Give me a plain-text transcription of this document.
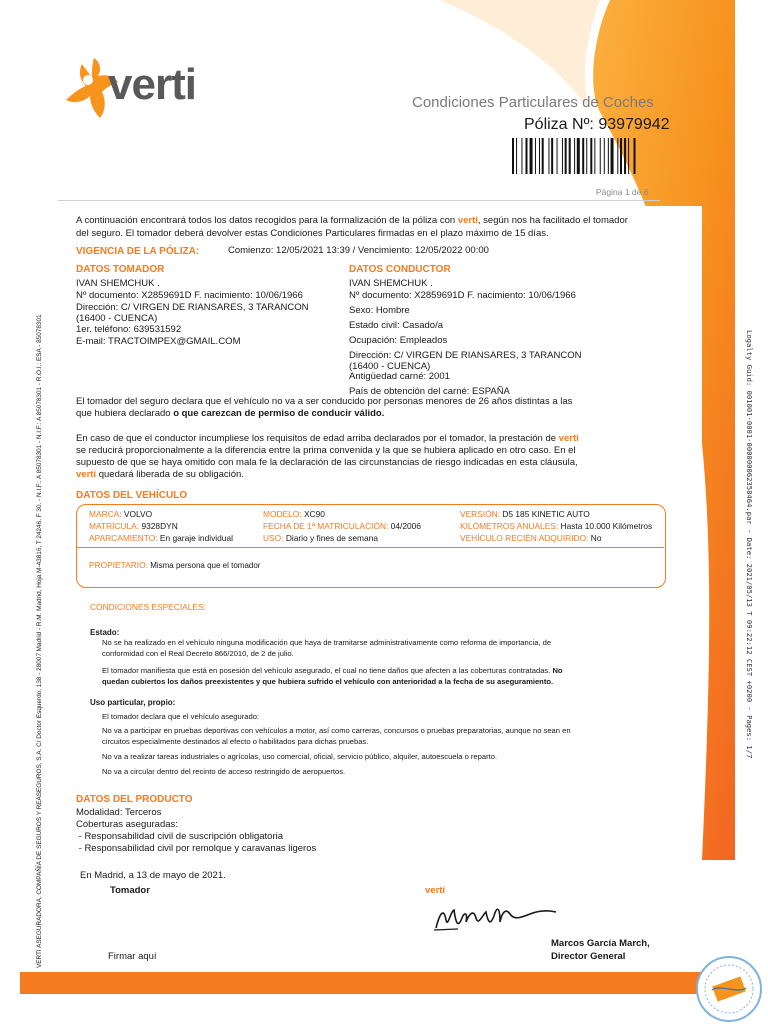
verti	Condiciones Particulares de Coches
Póliza Nº: 93979942
Página 1 de 6
A continuación encontrará todos los datos recogidos para la formalización de la póliza con verti, según nos ha facilitado el tomador
del seguro. El tomador deberá devolver estas Condiciones Particulares firmadas en el plazo máximo de 15 días.
VIGENCIA DE LA PÓLIZA:	Comienzo: 12/05/2021 13:39 / Vencimiento: 12/05/2022 00:00
DATOS TOMADOR
IVAN SHEMCHUK .
Nº documento: X2859691D F. nacimiento: 10/06/1966
Dirección: C/ VIRGEN DE RIANSARES, 3 TARANCON
(16400 - CUENCA)
1er. teléfono: 639531592
E-mail: TRACTOIMPEX@GMAIL.COM
DATOS CONDUCTOR
IVAN SHEMCHUK .
Nº documento: X2859691D F. nacimiento: 10/06/1966
Sexo: Hombre
Estado civil: Casado/a
Ocupación: Empleados
Dirección: C/ VIRGEN DE RIANSARES, 3 TARANCON
(16400 - CUENCA)
Antigüedad carné: 2001
País de obtención del carné: ESPAÑA
El tomador del seguro declara que el vehículo no va a ser conducido por personas menores de 26 años distintas a las
que hubiera declarado o que carezcan de permiso de conducir válido.
En caso de que el conductor incumpliese los requisitos de edad arriba declarados por el tomador, la prestación de verti
se reducirá proporcionalmente a la diferencia entre la prima convenida y la que se hubiera aplicado en otro caso. En el
supuesto de que se haya omitido con mala fe la declaración de las circunstancias de riesgo indicadas en esta cláusula,
verti quedará liberada de su obligación.
DATOS DEL VEHÍCULO
MARCA: VOLVO	MODELO: XC90	VERSIÓN: D5 185 KINETIC AUTO
MATRÍCULA: 9328DYN	FECHA DE 1ª MATRICULACIÓN: 04/2006	KILÓMETROS ANUALES: Hasta 10.000 Kilómetros
APARCAMIENTO: En garaje individual	USO: Diario y fines de semana	VEHÍCULO RECIÉN ADQUIRIDO: No
PROPIETARIO: Misma persona que el tomador
CONDICIONES ESPECIALES:
Estado:
No se ha realizado en el vehículo ninguna modificación que haya de tramitarse administrativamente como reforma de importancia, de
conformidad con el Real Decreto 866/2010, de 2 de julio.
El tomador manifiesta que está en posesión del vehículo asegurado, el cual no tiene daños que afecten a las coberturas contratadas. No
quedan cubiertos los daños preexistentes y que hubiera sufrido el vehículo con anterioridad a la fecha de su aseguramiento.
Uso particular, propio:
El tomador declara que el vehículo asegurado:
No va a participar en pruebas deportivas con vehículos a motor, así como carreras, concursos o pruebas preparatorias, aunque no sean en
circuitos especialmente destinados al efecto o habilitados para dichas pruebas.
No va a realizar tareas industriales o agrícolas, uso comercial, oficial, servicio público, alquiler, autoescuela o reparto.
No va a circular dentro del recinto de acceso restringido de aeropuertos.
DATOS DEL PRODUCTO
Modalidad: Terceros
Coberturas aseguradas:
- Responsabilidad civil de suscripción obligatoria
- Responsabilidad civil por remolque y caravanas ligeros
En Madrid, a 13 de mayo de 2021.
Tomador	verti
Firmar aquí
Marcos García March,
Director General
VERTI ASEGURADORA, COMPAÑÍA DE SEGUROS Y REASEGUROS, S.A. C/ Doctor Esquerdo, 138 - 28007 Madrid - R.M. Madrid, Hoja M-43816, T 24246, F 30. - N.I.F.: A 85078301 - N.I.F.: A 85078301 - R.O.I.: ESA - 85078301	Logalty Guid: 001001-0001-000000062358464.par - Date: 2021/05/13 T 09:22:12 CEST +0200 - Pages: 1/7
